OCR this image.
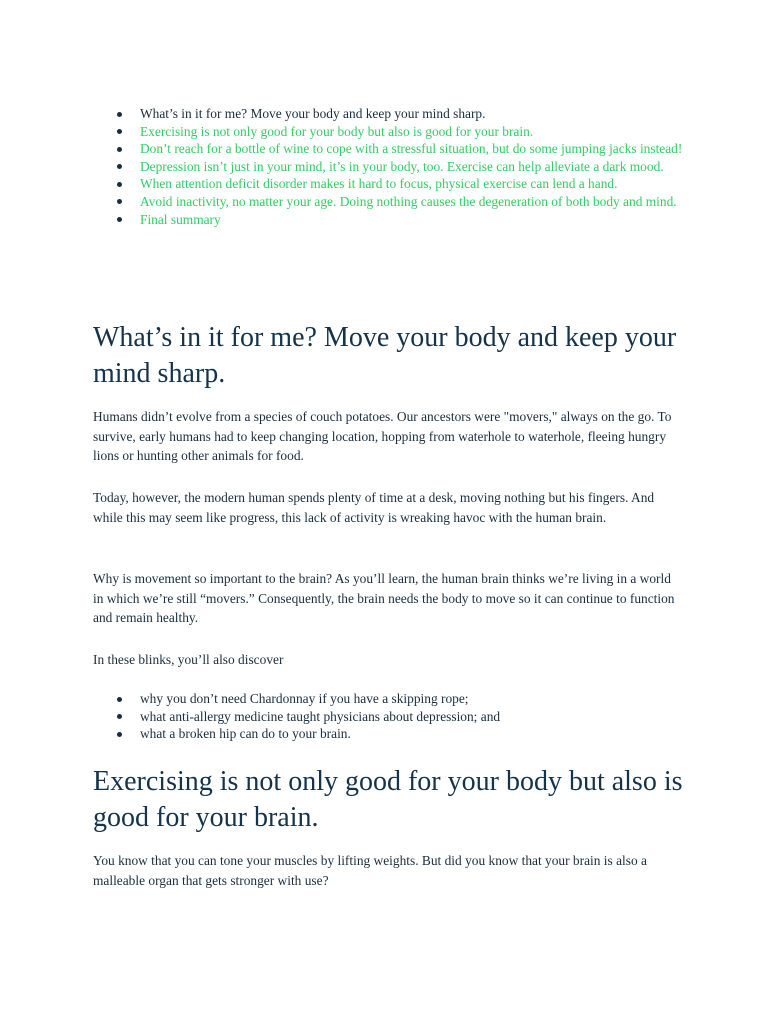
What’s in it for me? Move your body and keep your mind sharp.
Exercising is not only good for your body but also is good for your brain.
Don’t reach for a bottle of wine to cope with a stressful situation, but do some jumping jacks instead!
Depression isn’t just in your mind, it’s in your body, too. Exercise can help alleviate a dark mood.
When attention deficit disorder makes it hard to focus, physical exercise can lend a hand.
Avoid inactivity, no matter your age. Doing nothing causes the degeneration of both body and mind.
Final summary
What’s in it for me? Move your body and keep your mind sharp.

Humans didn’t evolve from a species of couch potatoes. Our ancestors were "movers," always on the go. To survive, early humans had to keep changing location, hopping from waterhole to waterhole, fleeing hungry lions or hunting other animals for food.

Today, however, the modern human spends plenty of time at a desk, moving nothing but his fingers. And while this may seem like progress, this lack of activity is wreaking havoc with the human brain.

Why is movement so important to the brain? As you’ll learn, the human brain thinks we’re living in a world in which we’re still “movers.” Consequently, the brain needs the body to move so it can continue to function and remain healthy.

In these blinks, you’ll also discover

why you don’t need Chardonnay if you have a skipping rope;
what anti-allergy medicine taught physicians about depression; and
what a broken hip can do to your brain.
Exercising is not only good for your body but also is good for your brain.

You know that you can tone your muscles by lifting weights. But did you know that your brain is also a malleable organ that gets stronger with use?
